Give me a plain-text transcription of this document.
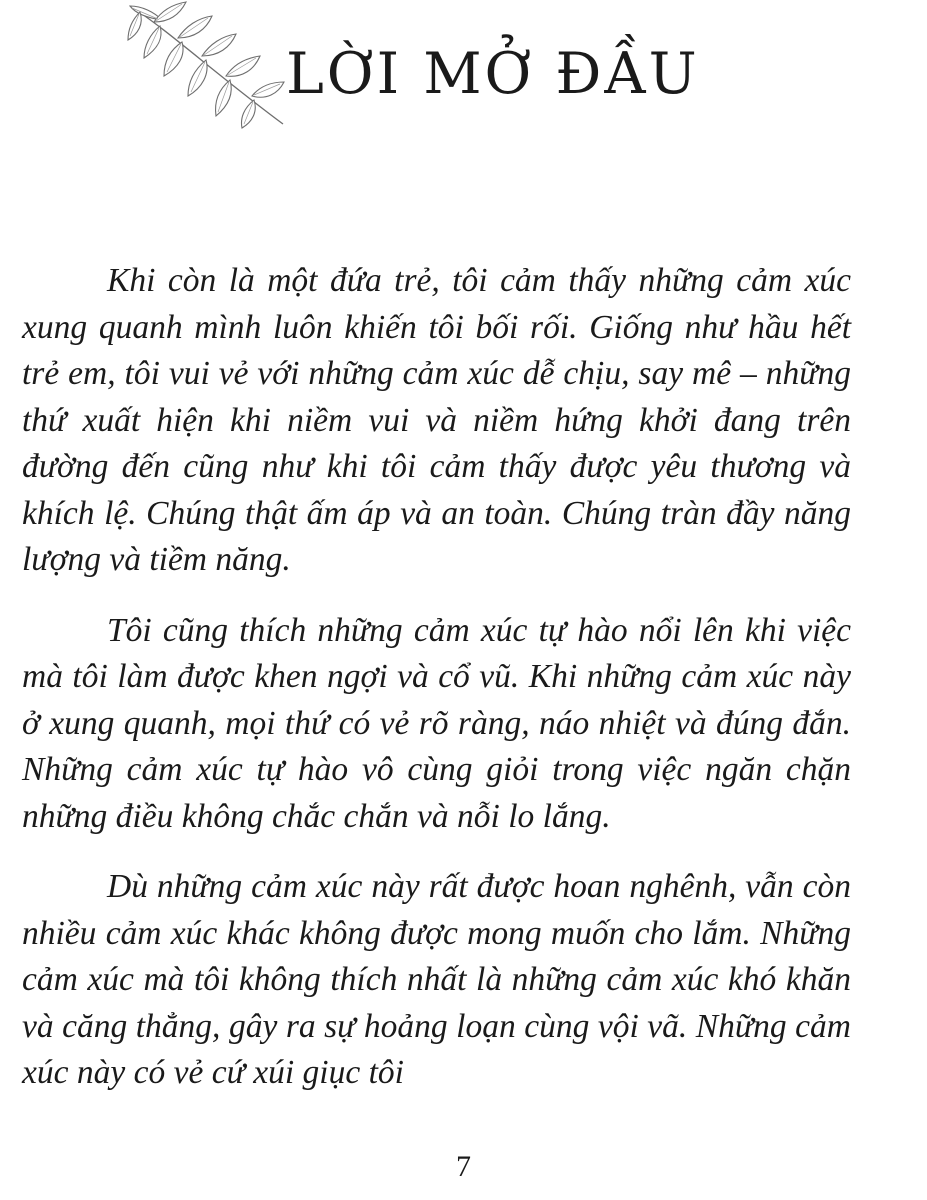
LỜI MỞ ĐẦU

Khi còn là một đứa trẻ, tôi cảm thấy những cảm xúc xung quanh mình luôn khiến tôi bối rối. Giống như hầu hết trẻ em, tôi vui vẻ với những cảm xúc dễ chịu, say mê – những thứ xuất hiện khi niềm vui và niềm hứng khởi đang trên đường đến cũng như khi tôi cảm thấy được yêu thương và khích lệ. Chúng thật ấm áp và an toàn. Chúng tràn đầy năng lượng và tiềm năng.

Tôi cũng thích những cảm xúc tự hào nổi lên khi việc mà tôi làm được khen ngợi và cổ vũ. Khi những cảm xúc này ở xung quanh, mọi thứ có vẻ rõ ràng, náo nhiệt và đúng đắn. Những cảm xúc tự hào vô cùng giỏi trong việc ngăn chặn những điều không chắc chắn và nỗi lo lắng.

Dù những cảm xúc này rất được hoan nghênh, vẫn còn nhiều cảm xúc khác không được mong muốn cho lắm. Những cảm xúc mà tôi không thích nhất là những cảm xúc khó khăn và căng thẳng, gây ra sự hoảng loạn cùng vội vã. Những cảm xúc này có vẻ cứ xúi giục tôi

7
